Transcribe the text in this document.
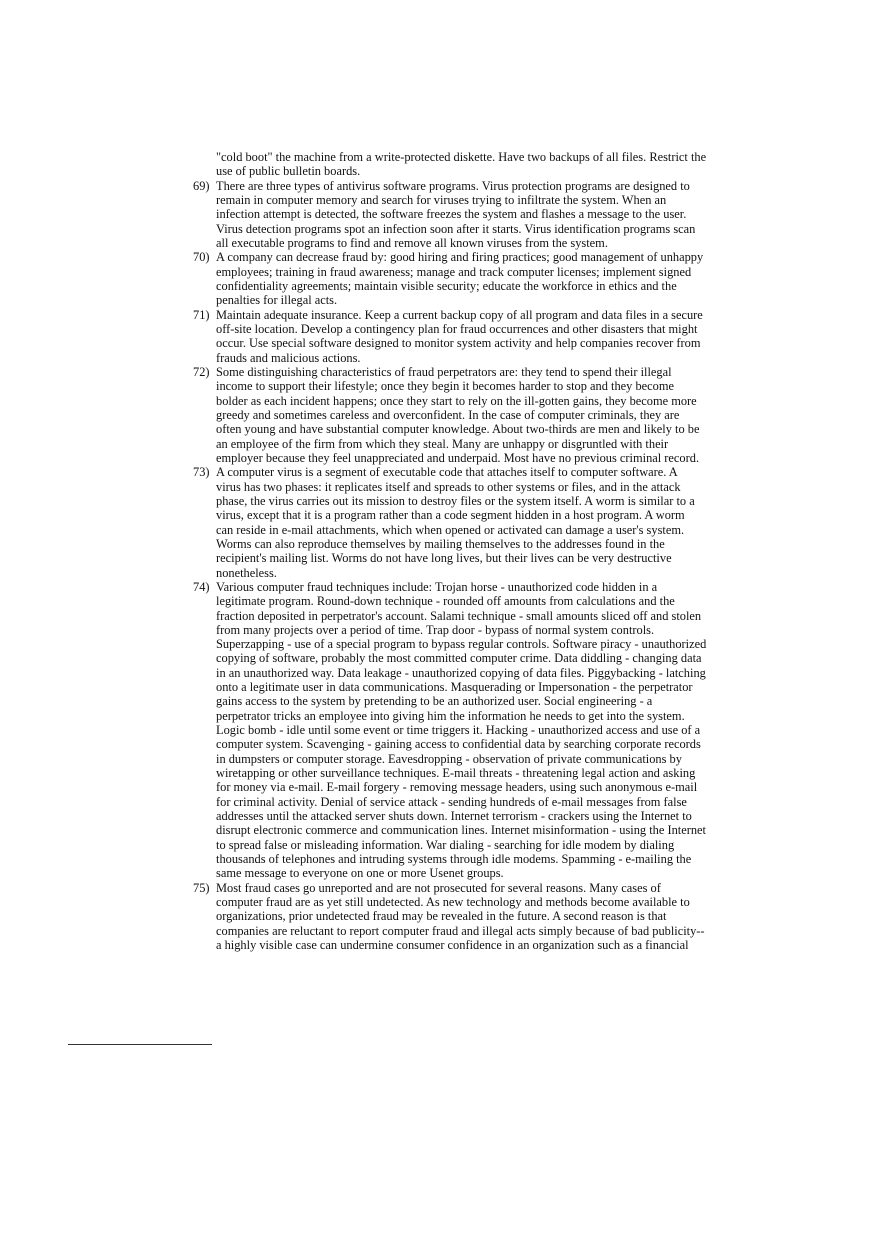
"cold boot" the machine from a write-protected diskette. Have two backups of all files. Restrict the
use of public bulletin boards.
69) There are three types of antivirus software programs. Virus protection programs are designed to
remain in computer memory and search for viruses trying to infiltrate the system. When an
infection attempt is detected, the software freezes the system and flashes a message to the user.
Virus detection programs spot an infection soon after it starts. Virus identification programs scan
all executable programs to find and remove all known viruses from the system.
70) A company can decrease fraud by: good hiring and firing practices; good management of unhappy
employees; training in fraud awareness; manage and track computer licenses; implement signed
confidentiality agreements; maintain visible security; educate the workforce in ethics and the
penalties for illegal acts.
71) Maintain adequate insurance. Keep a current backup copy of all program and data files in a secure
off-site location. Develop a contingency plan for fraud occurrences and other disasters that might
occur. Use special software designed to monitor system activity and help companies recover from
frauds and malicious actions.
72) Some distinguishing characteristics of fraud perpetrators are: they tend to spend their illegal
income to support their lifestyle; once they begin it becomes harder to stop and they become
bolder as each incident happens; once they start to rely on the ill-gotten gains, they become more
greedy and sometimes careless and overconfident. In the case of computer criminals, they are
often young and have substantial computer knowledge. About two-thirds are men and likely to be
an employee of the firm from which they steal. Many are unhappy or disgruntled with their
employer because they feel unappreciated and underpaid. Most have no previous criminal record.
73) A computer virus is a segment of executable code that attaches itself to computer software. A
virus has two phases: it replicates itself and spreads to other systems or files, and in the attack
phase, the virus carries out its mission to destroy files or the system itself. A worm is similar to a
virus, except that it is a program rather than a code segment hidden in a host program. A worm
can reside in e-mail attachments, which when opened or activated can damage a user's system.
Worms can also reproduce themselves by mailing themselves to the addresses found in the
recipient's mailing list. Worms do not have long lives, but their lives can be very destructive
nonetheless.
74) Various computer fraud techniques include: Trojan horse - unauthorized code hidden in a
legitimate program. Round-down technique - rounded off amounts from calculations and the
fraction deposited in perpetrator's account. Salami technique - small amounts sliced off and stolen
from many projects over a period of time. Trap door - bypass of normal system controls.
Superzapping - use of a special program to bypass regular controls. Software piracy - unauthorized
copying of software, probably the most committed computer crime. Data diddling - changing data
in an unauthorized way. Data leakage - unauthorized copying of data files. Piggybacking - latching
onto a legitimate user in data communications. Masquerading or Impersonation - the perpetrator
gains access to the system by pretending to be an authorized user. Social engineering - a
perpetrator tricks an employee into giving him the information he needs to get into the system.
Logic bomb - idle until some event or time triggers it. Hacking - unauthorized access and use of a
computer system. Scavenging - gaining access to confidential data by searching corporate records
in dumpsters or computer storage. Eavesdropping - observation of private communications by
wiretapping or other surveillance techniques. E-mail threats - threatening legal action and asking
for money via e-mail. E-mail forgery - removing message headers, using such anonymous e-mail
for criminal activity. Denial of service attack - sending hundreds of e-mail messages from false
addresses until the attacked server shuts down. Internet terrorism - crackers using the Internet to
disrupt electronic commerce and communication lines. Internet misinformation - using the Internet
to spread false or misleading information. War dialing - searching for idle modem by dialing
thousands of telephones and intruding systems through idle modems. Spamming - e-mailing the
same message to everyone on one or more Usenet groups.
75) Most fraud cases go unreported and are not prosecuted for several reasons. Many cases of
computer fraud are as yet still undetected. As new technology and methods become available to
organizations, prior undetected fraud may be revealed in the future. A second reason is that
companies are reluctant to report computer fraud and illegal acts simply because of bad publicity--
a highly visible case can undermine consumer confidence in an organization such as a financial
